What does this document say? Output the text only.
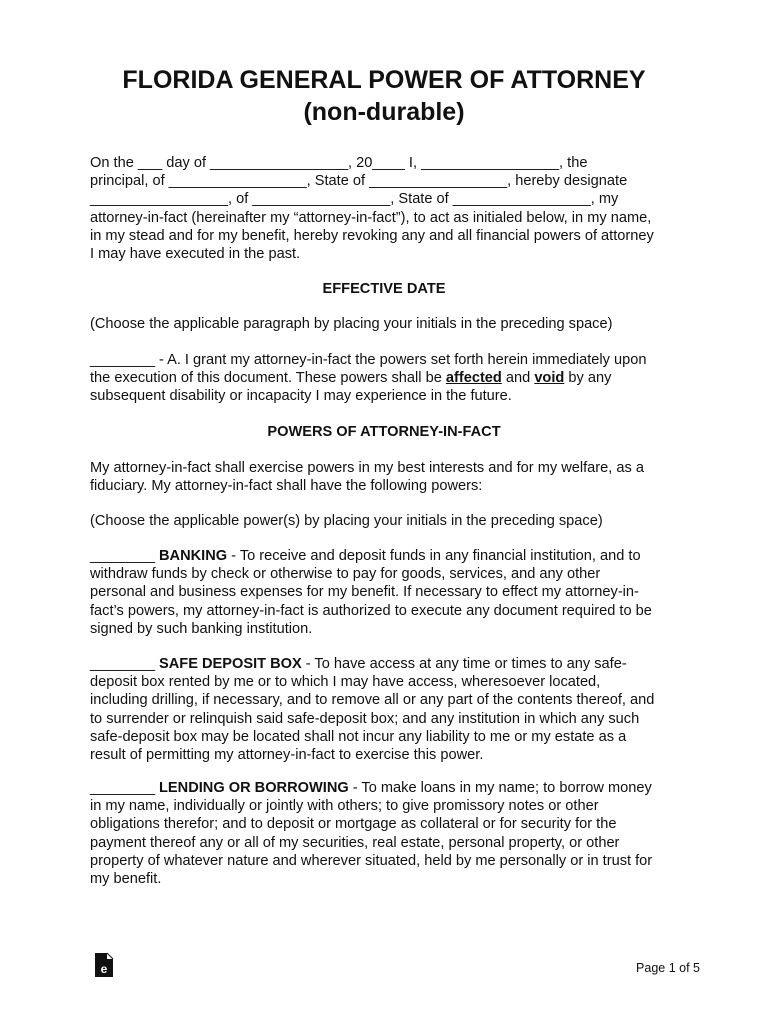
FLORIDA GENERAL POWER OF ATTORNEY
(non-durable)

On the ___ day of _________________, 20____ I, _________________, the
principal, of _________________, State of _________________, hereby designate
_________________, of _________________, State of _________________, my
attorney-in-fact (hereinafter my “attorney-in-fact”), to act as initialed below, in my name,
in my stead and for my benefit, hereby revoking any and all financial powers of attorney
I may have executed in the past.

EFFECTIVE DATE

(Choose the applicable paragraph by placing your initials in the preceding space)

________ - A. I grant my attorney-in-fact the powers set forth herein immediately upon
the execution of this document. These powers shall be affected and void by any
subsequent disability or incapacity I may experience in the future.

POWERS OF ATTORNEY-IN-FACT

My attorney-in-fact shall exercise powers in my best interests and for my welfare, as a
fiduciary. My attorney-in-fact shall have the following powers:

(Choose the applicable power(s) by placing your initials in the preceding space)

________ BANKING - To receive and deposit funds in any financial institution, and to
withdraw funds by check or otherwise to pay for goods, services, and any other
personal and business expenses for my benefit. If necessary to effect my attorney-in-
fact’s powers, my attorney-in-fact is authorized to execute any document required to be
signed by such banking institution.

________ SAFE DEPOSIT BOX - To have access at any time or times to any safe-
deposit box rented by me or to which I may have access, wheresoever located,
including drilling, if necessary, and to remove all or any part of the contents thereof, and
to surrender or relinquish said safe-deposit box; and any institution in which any such
safe-deposit box may be located shall not incur any liability to me or my estate as a
result of permitting my attorney-in-fact to exercise this power.

________ LENDING OR BORROWING - To make loans in my name; to borrow money
in my name, individually or jointly with others; to give promissory notes or other
obligations therefor; and to deposit or mortgage as collateral or for security for the
payment thereof any or all of my securities, real estate, personal property, or other
property of whatever nature and wherever situated, held by me personally or in trust for
my benefit.

e	Page 1 of 5
